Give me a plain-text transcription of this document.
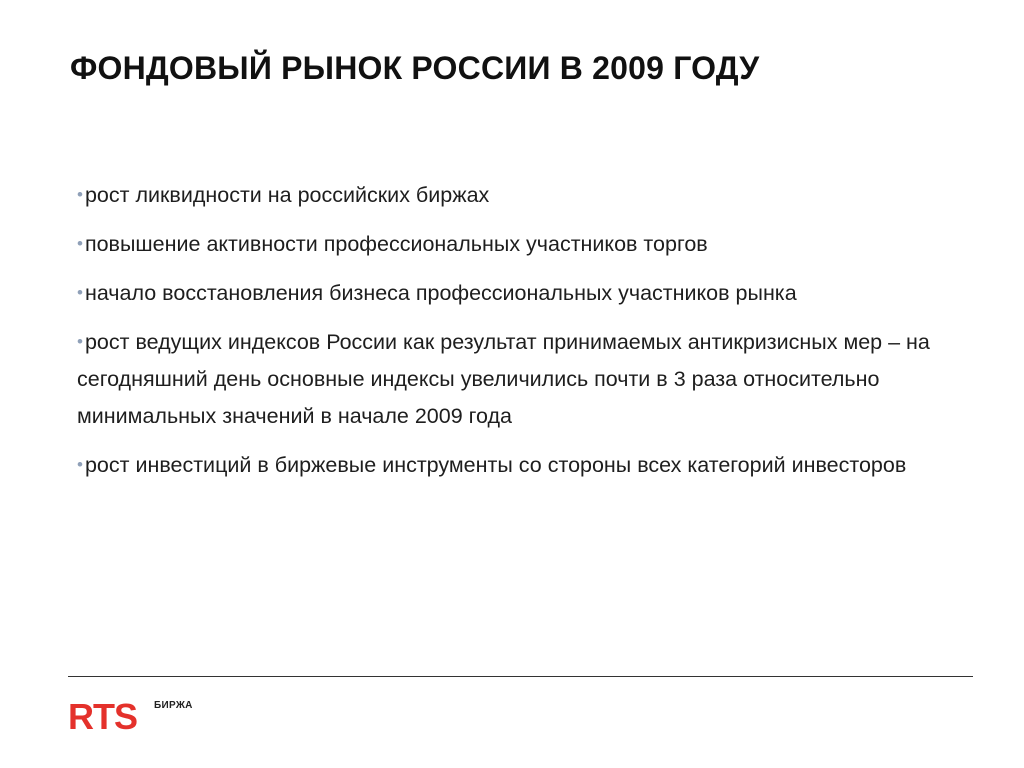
ФОНДОВЫЙ РЫНОК РОССИИ В 2009 ГОДУ
•рост ликвидности на российских биржах
•повышение активности профессиональных участников торгов
•начало восстановления бизнеса профессиональных участников рынка
•рост ведущих индексов России как результат принимаемых антикризисных мер – на сегодняшний день основные индексы увеличились почти в 3 раза относительно минимальных значений в начале 2009 года
•рост инвестиций в биржевые инструменты со стороны всех категорий инвесторов
RTS БИРЖА
